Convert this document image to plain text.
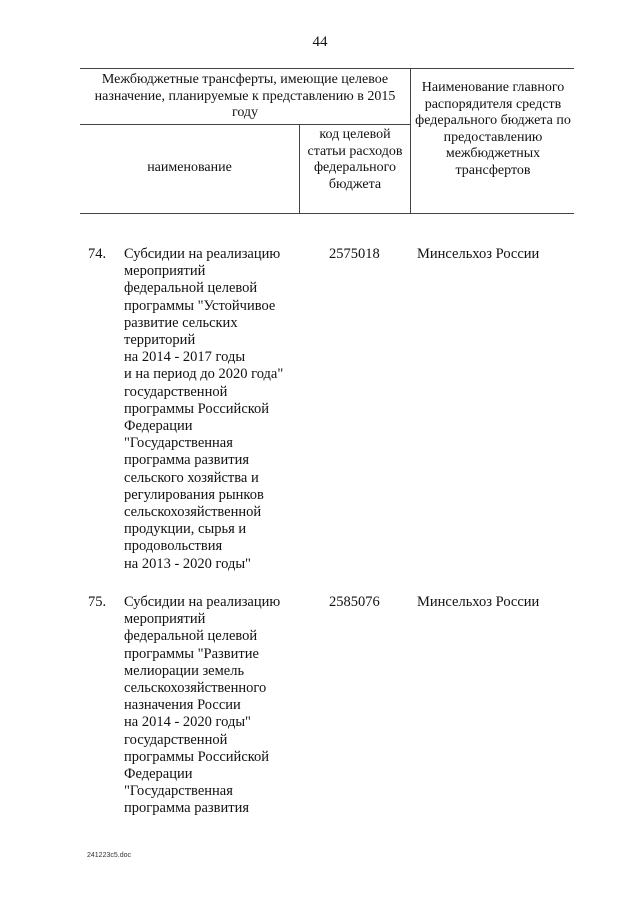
44
Межбюджетные трансферты, имеющие целевое назначение, планируемые к представлению в 2015 году
наименование
код целевой статьи расходов федерального бюджета
Наименование главного распорядителя средств федерального бюджета по предоставлению межбюджетных трансфертов
74. Субсидии на реализацию
мероприятий
федеральной целевой
программы "Устойчивое
развитие сельских
территорий
на 2014 - 2017 годы
и на период до 2020 года"
государственной
программы Российской
Федерации
"Государственная
программа развития
сельского хозяйства и
регулирования рынков
сельскохозяйственной
продукции, сырья и
продовольствия
на 2013 - 2020 годы"
2575018	Минсельхоз России
75. Субсидии на реализацию
мероприятий
федеральной целевой
программы "Развитие
мелиорации земель
сельскохозяйственного
назначения России
на 2014 - 2020 годы"
государственной
программы Российской
Федерации
"Государственная
программа развития
2585076	Минсельхоз России
241223c5.doc
